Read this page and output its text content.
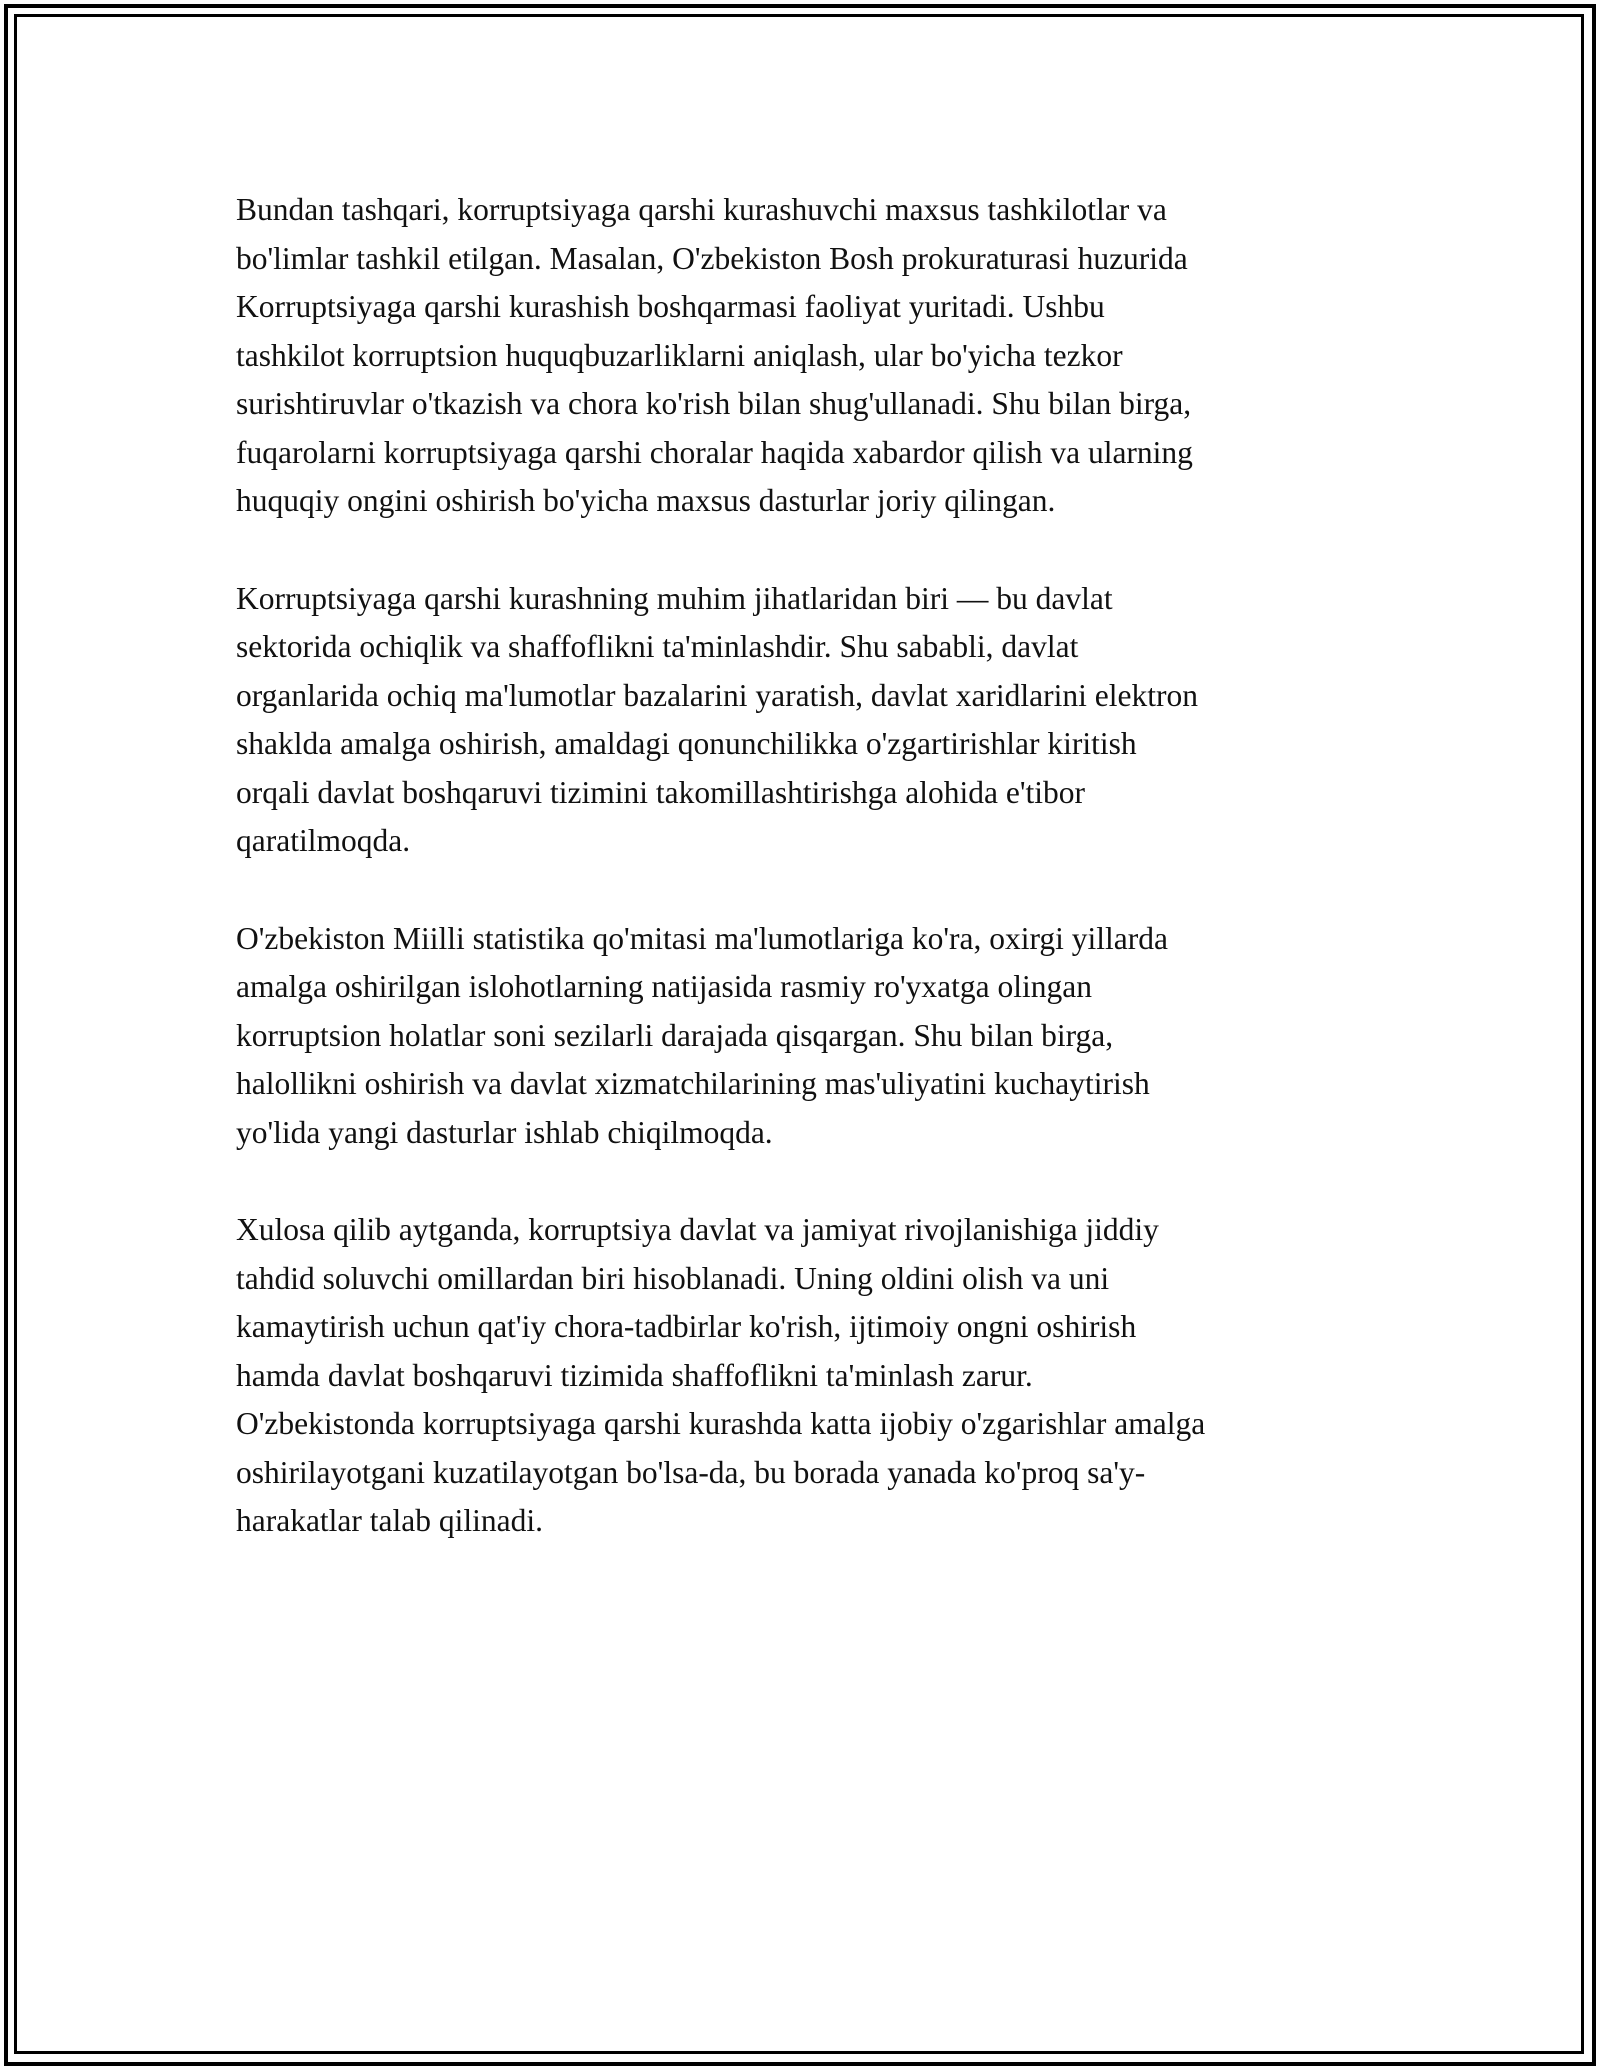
Bundan tashqari, korruptsiyaga qarshi kurashuvchi maxsus tashkilotlar va
bo'limlar tashkil etilgan. Masalan, O'zbekiston Bosh prokuraturasi huzurida
Korruptsiyaga qarshi kurashish boshqarmasi faoliyat yuritadi. Ushbu
tashkilot korruptsion huquqbuzarliklarni aniqlash, ular bo'yicha tezkor
surishtiruvlar o'tkazish va chora ko'rish bilan shug'ullanadi. Shu bilan birga,
fuqarolarni korruptsiyaga qarshi choralar haqida xabardor qilish va ularning
huquqiy ongini oshirish bo'yicha maxsus dasturlar joriy qilingan.

Korruptsiyaga qarshi kurashning muhim jihatlaridan biri — bu davlat
sektorida ochiqlik va shaffoflikni ta'minlashdir. Shu sababli, davlat
organlarida ochiq ma'lumotlar bazalarini yaratish, davlat xaridlarini elektron
shaklda amalga oshirish, amaldagi qonunchilikka o'zgartirishlar kiritish
orqali davlat boshqaruvi tizimini takomillashtirishga alohida e'tibor
qaratilmoqda.

O'zbekiston Miilli statistika qo'mitasi ma'lumotlariga ko'ra, oxirgi yillarda
amalga oshirilgan islohotlarning natijasida rasmiy ro'yxatga olingan
korruptsion holatlar soni sezilarli darajada qisqargan. Shu bilan birga,
halollikni oshirish va davlat xizmatchilarining mas'uliyatini kuchaytirish
yo'lida yangi dasturlar ishlab chiqilmoqda.

Xulosa qilib aytganda, korruptsiya davlat va jamiyat rivojlanishiga jiddiy
tahdid soluvchi omillardan biri hisoblanadi. Uning oldini olish va uni
kamaytirish uchun qat'iy chora-tadbirlar ko'rish, ijtimoiy ongni oshirish
hamda davlat boshqaruvi tizimida shaffoflikni ta'minlash zarur.
O'zbekistonda korruptsiyaga qarshi kurashda katta ijobiy o'zgarishlar amalga
oshirilayotgani kuzatilayotgan bo'lsa-da, bu borada yanada ko'proq sa'y-
harakatlar talab qilinadi.
